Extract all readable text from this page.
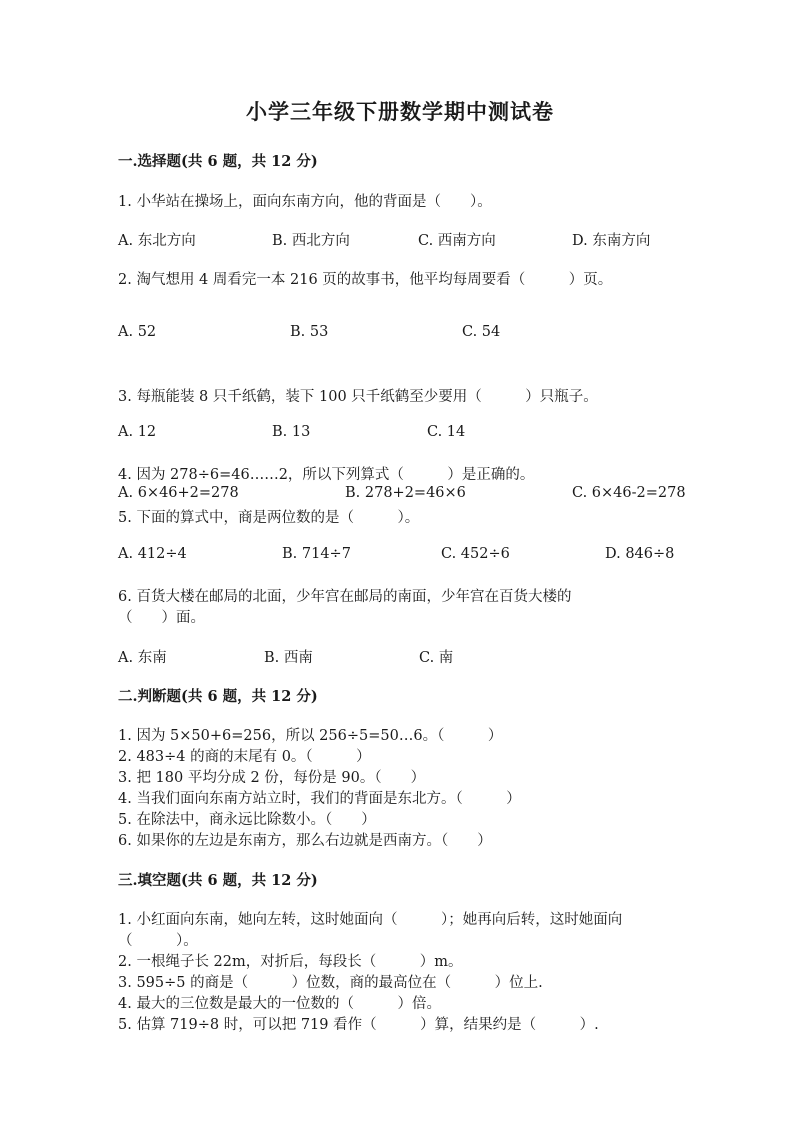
小学三年级下册数学期中测试卷
一.选择题(共 6 题，共 12 分)
1. 小华站在操场上，面向东南方向，他的背面是（　　）。
A. 东北方向	B. 西北方向	C. 西南方向	D. 东南方向
2. 淘气想用 4 周看完一本 216 页的故事书，他平均每周要看（　　　）页。
A. 52	B. 53	C. 54
3. 每瓶能装 8 只千纸鹤，装下 100 只千纸鹤至少要用（　　　）只瓶子。
A. 12	B. 13	C. 14
4. 因为 278÷6=46……2，所以下列算式（　　　）是正确的。
A. 6×46+2=278	B. 278+2=46×6	C. 6×46-2=278
5. 下面的算式中，商是两位数的是（　　　）。
A. 412÷4	B. 714÷7	C. 452÷6	D. 846÷8
6. 百货大楼在邮局的北面，少年宫在邮局的南面，少年宫在百货大楼的
（　　）面。
A. 东南	B. 西南	C. 南
二.判断题(共 6 题，共 12 分)
1. 因为 5×50+6=256，所以 256÷5=50…6。（　　　）
2. 483÷4 的商的末尾有 0。（　　　）
3. 把 180 平均分成 2 份，每份是 90。（　　）
4. 当我们面向东南方站立时，我们的背面是东北方。（　　　）
5. 在除法中，商永远比除数小。（　　）
6. 如果你的左边是东南方，那么右边就是西南方。（　　）
三.填空题(共 6 题，共 12 分)
1. 小红面向东南，她向左转，这时她面向（　　　）；她再向后转，这时她面向
（　　　）。
2. 一根绳子长 22m，对折后，每段长（　　　）m。
3. 595÷5 的商是（　　　）位数，商的最高位在（　　　）位上.
4. 最大的三位数是最大的一位数的（　　　）倍。
5. 估算 719÷8 时，可以把 719 看作（　　　）算，结果约是（　　　）.
